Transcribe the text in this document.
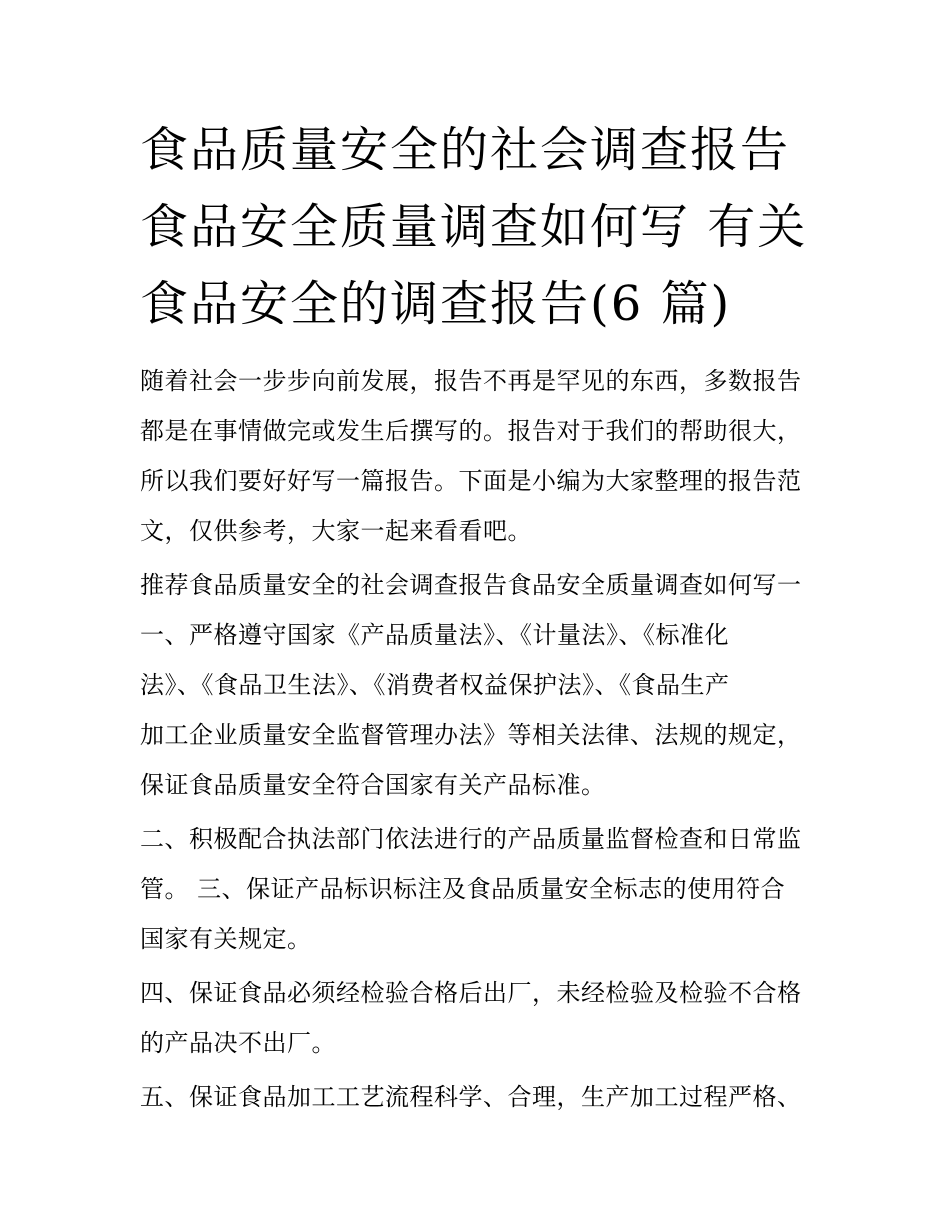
食品质量安全的社会调查报告
食品安全质量调查如何写 有关
食品安全的调查报告(6 篇)

随着社会一步步向前发展，报告不再是罕见的东西，多数报告
都是在事情做完或发生后撰写的。报告对于我们的帮助很大，
所以我们要好好写一篇报告。下面是小编为大家整理的报告范
文，仅供参考，大家一起来看看吧。

推荐食品质量安全的社会调查报告食品安全质量调查如何写一
一、严格遵守国家《产品质量法》、《计量法》、《标准化
法》、《食品卫生法》、《消费者权益保护法》、《食品生产
加工企业质量安全监督管理办法》等相关法律、法规的规定，
保证食品质量安全符合国家有关产品标准。

二、积极配合执法部门依法进行的产品质量监督检查和日常监
管。 三、保证产品标识标注及食品质量安全标志的使用符合
国家有关规定。

四、保证食品必须经检验合格后出厂，未经检验及检验不合格
的产品决不出厂。

五、保证食品加工工艺流程科学、合理，生产加工过程严格、
